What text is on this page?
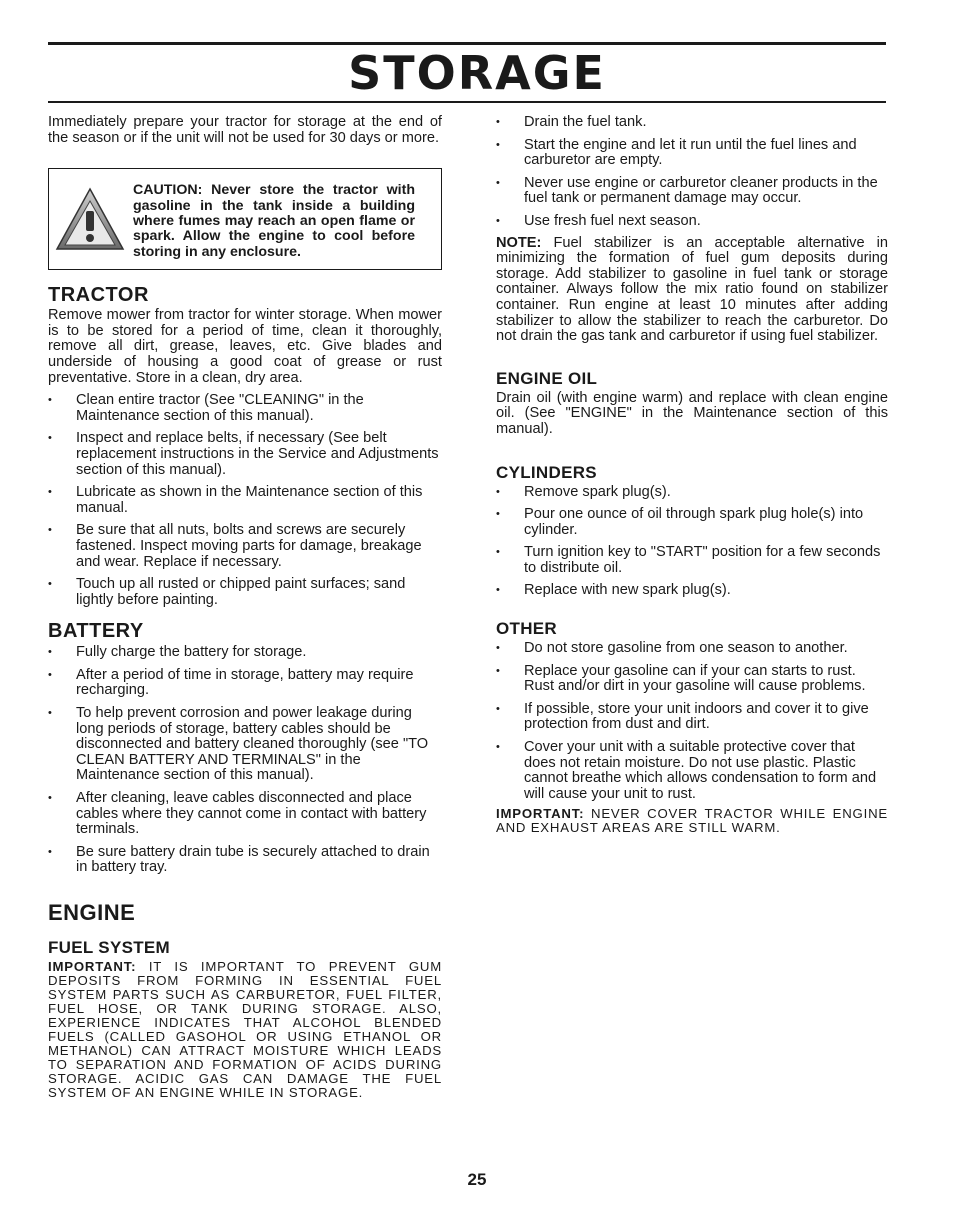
STORAGE

Immediately prepare your tractor for storage at the end of the season or if the unit will not be used for 30 days or more.

CAUTION: Never store the tractor with gasoline in the tank inside a building where fumes may reach an open flame or spark. Allow the engine to cool before storing in any enclosure.
TRACTOR

Remove mower from tractor for winter storage. When mower is to be stored for a period of time, clean it thoroughly, remove all dirt, grease, leaves, etc. Give blades and underside of housing a good coat of grease or rust preventative. Store in a clean, dry area.

• Clean entire tractor (See "CLEANING" in the Maintenance section of this manual).
• Inspect and replace belts, if necessary (See belt replacement instructions in the Service and Adjustments section of this manual).
• Lubricate as shown in the Maintenance section of this manual.
• Be sure that all nuts, bolts and screws are securely fastened. Inspect moving parts for damage, breakage and wear. Replace if necessary.
• Touch up all rusted or chipped paint surfaces; sand lightly before painting.
BATTERY
• Fully charge the battery for storage.
• After a period of time in storage, battery may require recharging.
• To help prevent corrosion and power leakage during long periods of storage, battery cables should be disconnected and battery cleaned thoroughly (see "TO CLEAN BATTERY AND TERMINALS" in the Maintenance section of this manual).
• After cleaning, leave cables disconnected and place cables where they cannot come in contact with battery terminals.
• Be sure battery drain tube is securely attached to drain in battery tray.
ENGINE
FUEL SYSTEM

IMPORTANT: IT IS IMPORTANT TO PREVENT GUM DEPOSITS FROM FORMING IN ESSENTIAL FUEL SYSTEM PARTS SUCH AS CARBURETOR, FUEL FILTER, FUEL HOSE, OR TANK DURING STORAGE. ALSO, EXPERIENCE INDICATES THAT ALCOHOL BLENDED FUELS (CALLED GASOHOL OR USING ETHANOL OR METHANOL) CAN ATTRACT MOISTURE WHICH LEADS TO SEPARATION AND FORMATION OF ACIDS DURING STORAGE. ACIDIC GAS CAN DAMAGE THE FUEL SYSTEM OF AN ENGINE WHILE IN STORAGE.

• Drain the fuel tank.
• Start the engine and let it run until the fuel lines and carburetor are empty.
• Never use engine or carburetor cleaner products in the fuel tank or permanent damage may occur.
• Use fresh fuel next season.

NOTE: Fuel stabilizer is an acceptable alternative in minimizing the formation of fuel gum deposits during storage. Add stabilizer to gasoline in fuel tank or storage container. Always follow the mix ratio found on stabilizer container. Run engine at least 10 minutes after adding stabilizer to allow the stabilizer to reach the carburetor. Do not drain the gas tank and carburetor if using fuel stabilizer.

ENGINE OIL

Drain oil (with engine warm) and replace with clean engine oil. (See "ENGINE" in the Maintenance section of this manual).

CYLINDERS
• Remove spark plug(s).
• Pour one ounce of oil through spark plug hole(s) into cylinder.
• Turn ignition key to "START" position for a few seconds to distribute oil.
• Replace with new spark plug(s).
OTHER
• Do not store gasoline from one season to another.
• Replace your gasoline can if your can starts to rust. Rust and/or dirt in your gasoline will cause problems.
• If possible, store your unit indoors and cover it to give protection from dust and dirt.
• Cover your unit with a suitable protective cover that does not retain moisture. Do not use plastic. Plastic cannot breathe which allows condensation to form and will cause your unit to rust.

IMPORTANT: NEVER COVER TRACTOR WHILE ENGINE AND EXHAUST AREAS ARE STILL WARM.

25
